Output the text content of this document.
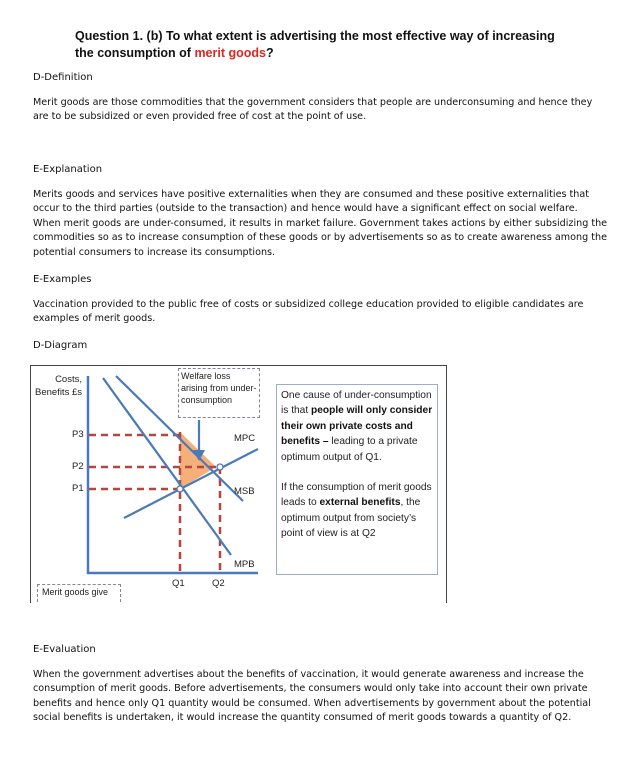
Question 1. (b) To what extent is advertising the most effective way of increasing the consumption of merit goods?
D-Definition
Merit goods are those commodities that the government considers that people are underconsuming and hence they are to be subsidized or even provided free of cost at the point of use.
E-Explanation
Merits goods and services have positive externalities when they are consumed and these positive externalities that occur to the third parties (outside to the transaction) and hence would have a significant effect on social welfare. When merit goods are under-consumed, it results in market failure. Government takes actions by either subsidizing the commodities so as to increase consumption of these goods or by advertisements so as to create awareness among the potential consumers to increase its consumptions.
E-Examples
Vaccination provided to the public free of costs or subsidized college education provided to eligible candidates are examples of merit goods.
D-Diagram
Costs, Benefits £s
P3
P2
P1
Q1	Q2
MPC
MSB
MPB
Welfare loss arising from under-consumption	One cause of under-consumption is that people will only consider their own private costs and benefits – leading to a private optimum output of Q1.
If the consumption of merit goods leads to external benefits, the optimum output from society’s point of view is at Q2
Merit goods give
E-Evaluation
When the government advertises about the benefits of vaccination, it would generate awareness and increase the consumption of merit goods. Before advertisements, the consumers would only take into account their own private benefits and hence only Q1 quantity would be consumed. When advertisements by government about the potential social benefits is undertaken, it would increase the quantity consumed of merit goods towards a quantity of Q2.
